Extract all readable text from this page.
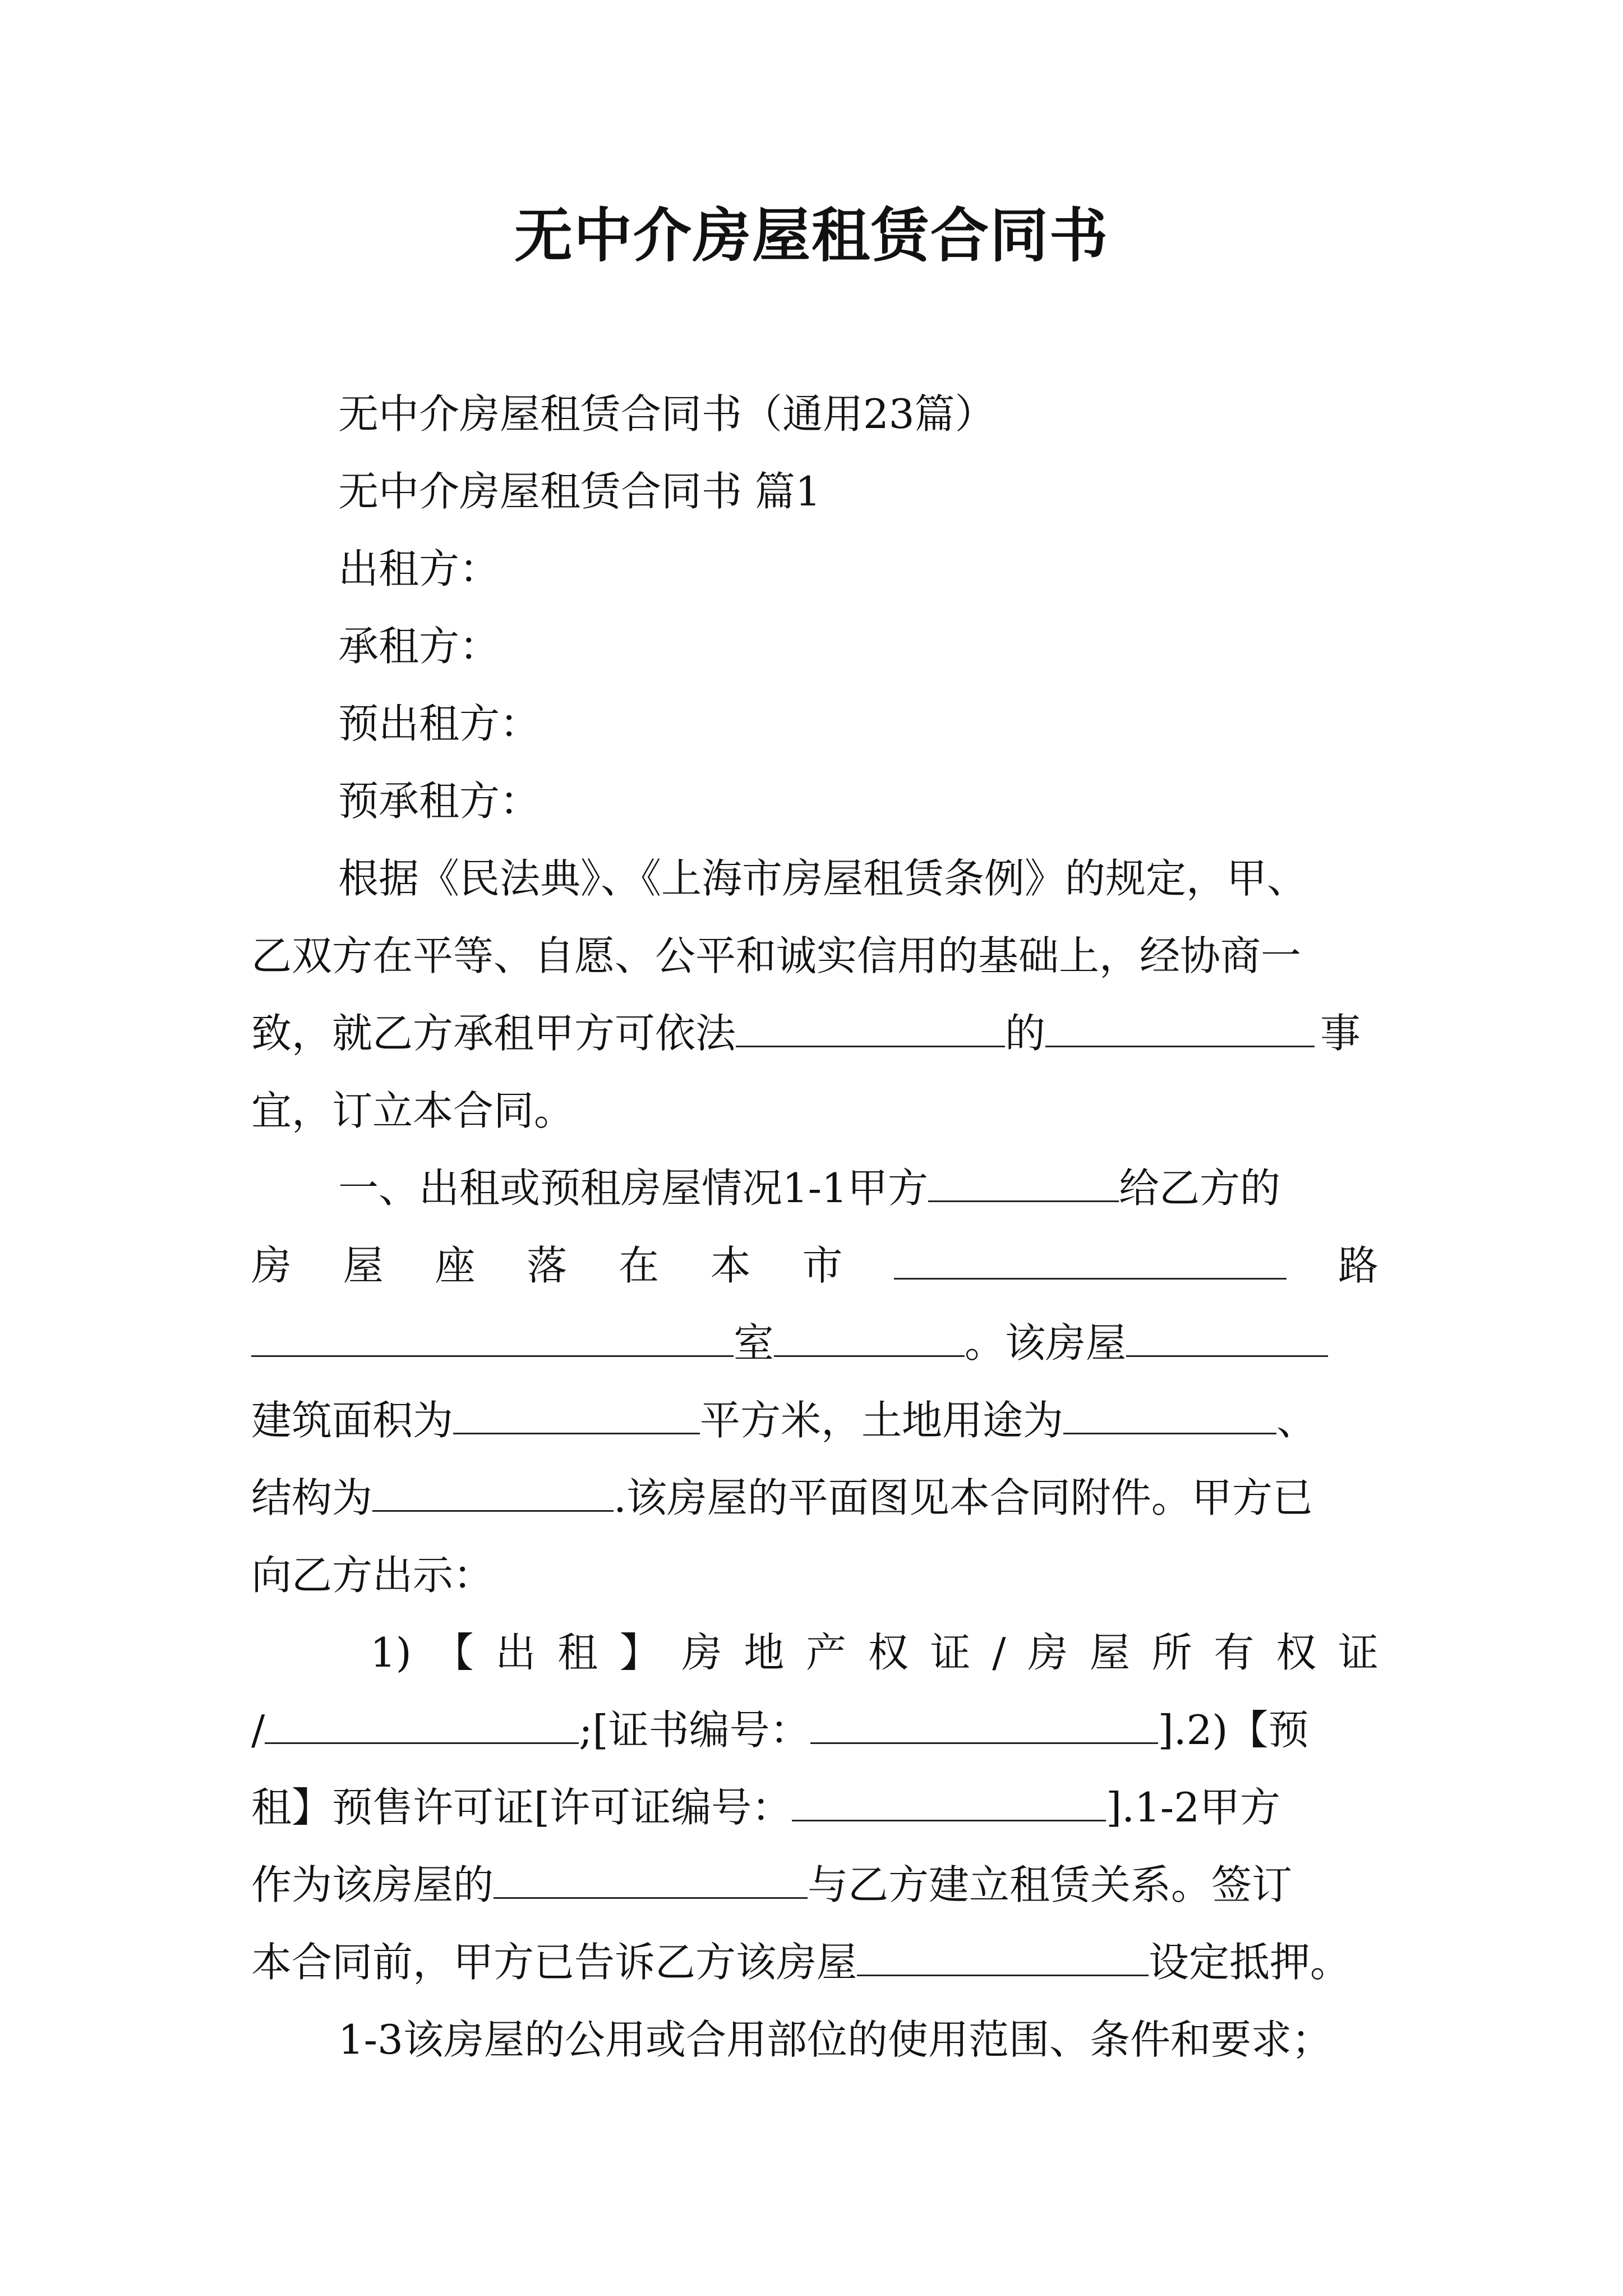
无中介房屋租赁合同书
无中介房屋租赁合同书（通用23篇）
无中介房屋租赁合同书 篇1
出租方：
承租方：
预出租方：
预承租方：
根据《民法典》、《上海市房屋租赁条例》的规定，甲、
乙双方在平等、自愿、公平和诚实信用的基础上，经协商一
致，就乙方承租甲方可依法	的	事
宜，订立本合同。
一、出租或预租房屋情况1-1甲方	给乙方的
房 屋 座 落 在 本 市	路
室	。该房屋
建筑面积为	平方米，土地用途为	、
结构为	.该房屋的平面图见本合同附件。甲方已
向乙方出示：
1) 【 出 租 】 房 地 产 权 证 / 房 屋 所 有 权 证
/	;[证书编号：	].2)【预
租】预售许可证[许可证编号：	].1-2甲方
作为该房屋的	与乙方建立租赁关系。签订
本合同前，甲方已告诉乙方该房屋	设定抵押。
1-3该房屋的公用或合用部位的使用范围、条件和要求；
